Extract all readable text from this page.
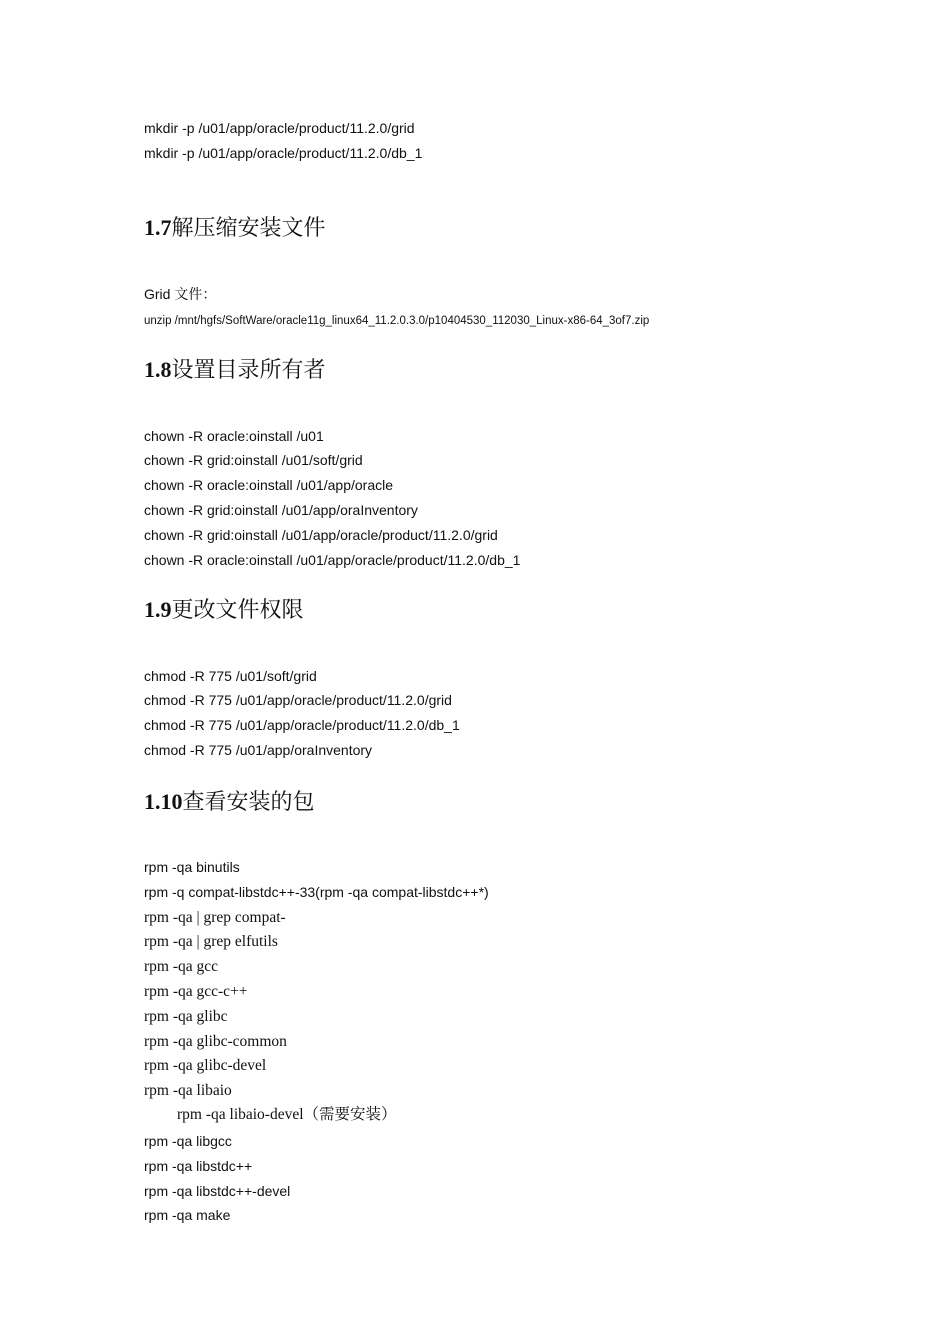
mkdir -p /u01/app/oracle/product/11.2.0/grid
mkdir -p /u01/app/oracle/product/11.2.0/db_1
1.7解压缩安装文件
Grid 文件：
unzip /mnt/hgfs/SoftWare/oracle11g_linux64_11.2.0.3.0/p10404530_112030_Linux-x86-64_3of7.zip
1.8设置目录所有者
chown -R oracle:oinstall /u01
chown -R grid:oinstall /u01/soft/grid
chown -R oracle:oinstall /u01/app/oracle
chown -R grid:oinstall /u01/app/oraInventory
chown -R grid:oinstall /u01/app/oracle/product/11.2.0/grid
chown -R oracle:oinstall /u01/app/oracle/product/11.2.0/db_1
1.9更改文件权限
chmod -R 775 /u01/soft/grid
chmod -R 775 /u01/app/oracle/product/11.2.0/grid
chmod -R 775 /u01/app/oracle/product/11.2.0/db_1
chmod -R 775 /u01/app/oraInventory
1.10查看安装的包
rpm -qa binutils
rpm -q compat-libstdc++-33(rpm -qa compat-libstdc++*)
rpm -qa | grep compat-
rpm -qa | grep elfutils
rpm -qa gcc
rpm -qa gcc-c++
rpm -qa glibc
rpm -qa glibc-common
rpm -qa glibc-devel
rpm -qa libaio
rpm -qa libaio-devel（需要安装）
rpm -qa libgcc
rpm -qa libstdc++
rpm -qa libstdc++-devel
rpm -qa make
